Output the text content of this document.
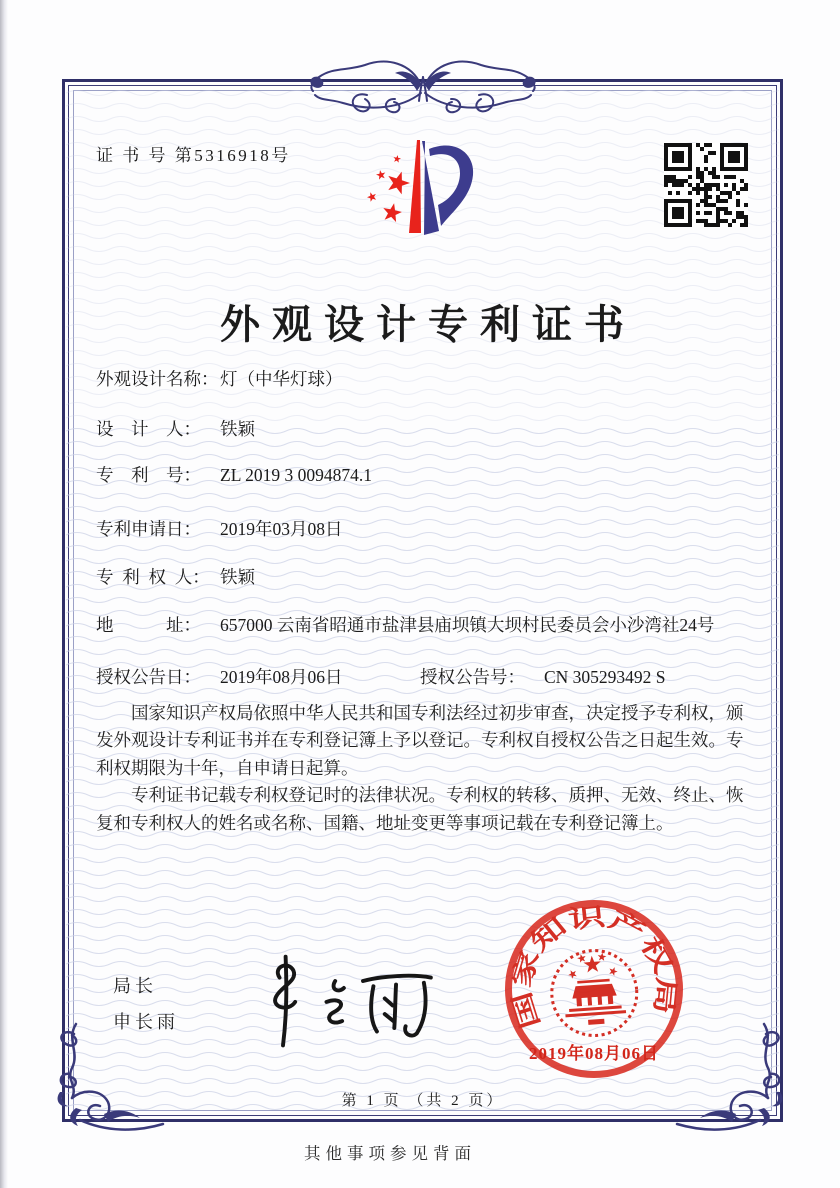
证 书 号 第5316918号
外观设计专利证书
外观设计名称： 灯（中华灯球）
设　计　人：	铁颖
专　利　号：	ZL 2019 3 0094874.1
专利申请日：	2019年03月08日
专 利 权 人： 铁颖
地　　　址：	657000 云南省昭通市盐津县庙坝镇大坝村民委员会小沙湾社24号
授权公告日：	2019年08月06日	授权公告号：	CN 305293492 S

国家知识产权局依照中华人民共和国专利法经过初步审查，决定授予专利权，颁发外观设计专利证书并在专利登记簿上予以登记。专利权自授权公告之日起生效。专利权期限为十年，自申请日起算。

专利证书记载专利权登记时的法律状况。专利权的转移、质押、无效、终止、恢复和专利权人的姓名或名称、国籍、地址变更等事项记载在专利登记簿上。

局长
申长雨	国家知识产权局
2019年08月06日
第 1 页 （共 2 页）
其他事项参见背面
